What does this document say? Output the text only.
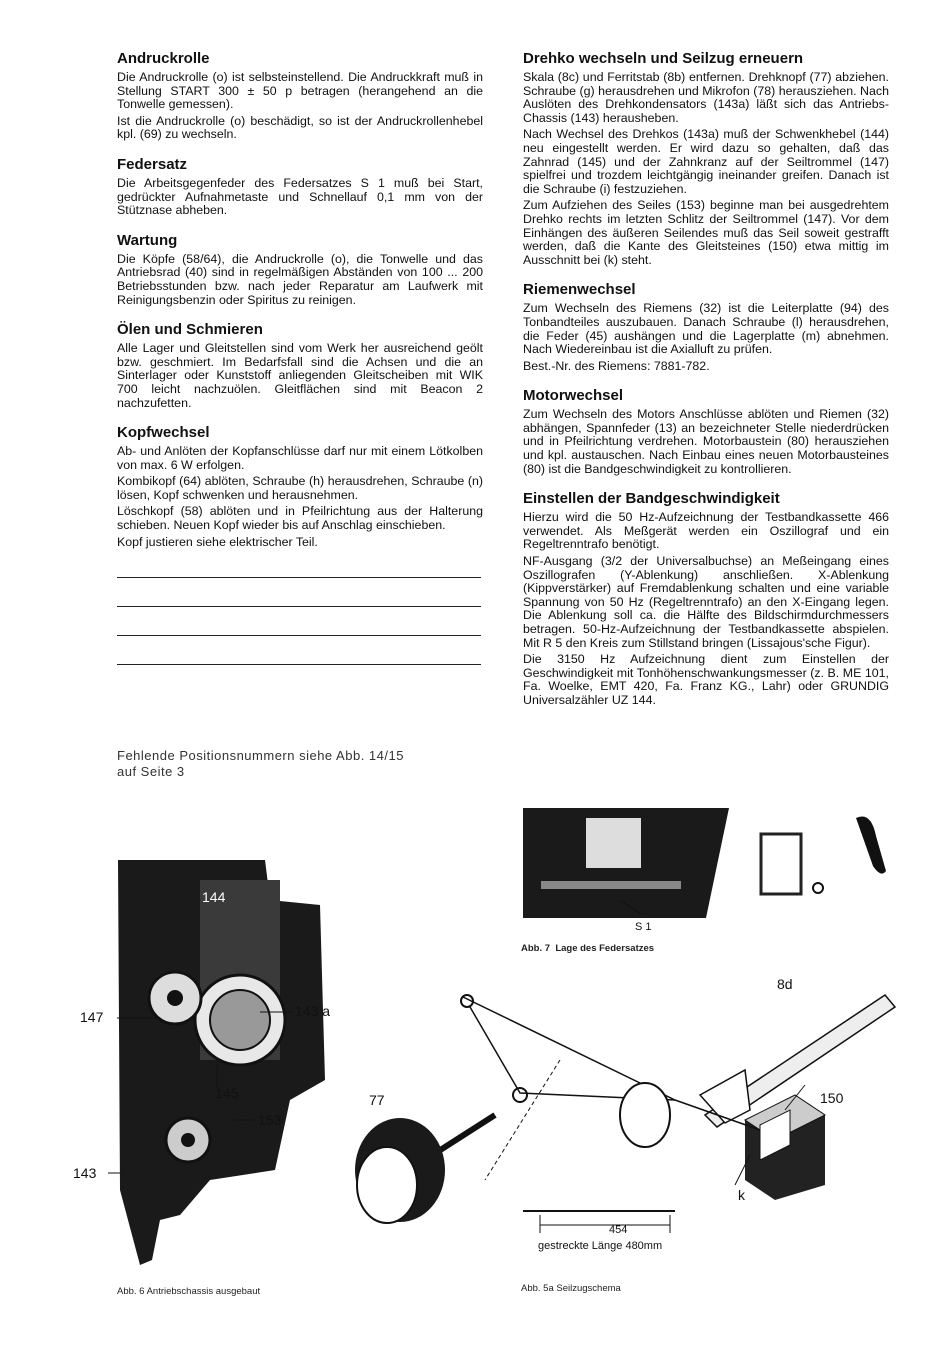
Andruckrolle

Die Andruckrolle (o) ist selbsteinstellend. Die Andruckkraft muß in Stellung START 300 ± 50 p betragen (herangehend an die Tonwelle gemessen).

Ist die Andruckrolle (o) beschädigt, so ist der Andruckrollenhebel kpl. (69) zu wechseln.

Federsatz

Die Arbeitsgegenfeder des Federsatzes S 1 muß bei Start, gedrückter Aufnahmetaste und Schnellauf 0,1 mm von der Stütznase abheben.

Wartung

Die Köpfe (58/64), die Andruckrolle (o), die Tonwelle und das Antriebsrad (40) sind in regelmäßigen Abständen von 100 ... 200 Betriebsstunden bzw. nach jeder Reparatur am Laufwerk mit Reinigungsbenzin oder Spiritus zu reinigen.

Ölen und Schmieren

Alle Lager und Gleitstellen sind vom Werk her ausreichend geölt bzw. geschmiert. Im Bedarfsfall sind die Achsen und die an Sinterlager oder Kunststoff anliegenden Gleitscheiben mit WIK 700 leicht nachzuölen. Gleitflächen sind mit Beacon 2 nachzufetten.

Kopfwechsel

Ab- und Anlöten der Kopfanschlüsse darf nur mit einem Lötkolben von max. 6 W erfolgen.

Kombikopf (64) ablöten, Schraube (h) herausdrehen, Schraube (n) lösen, Kopf schwenken und herausnehmen.

Löschkopf (58) ablöten und in Pfeilrichtung aus der Halterung schieben. Neuen Kopf wieder bis auf Anschlag einschieben.

Kopf justieren siehe elektrischer Teil.

Fehlende Positionsnummern siehe Abb. 14/15
auf Seite 3
Drehko wechseln und Seilzug erneuern

Skala (8c) und Ferritstab (8b) entfernen. Drehknopf (77) abziehen. Schraube (g) herausdrehen und Mikrofon (78) herausziehen. Nach Auslöten des Drehkondensators (143a) läßt sich das Antriebs-Chassis (143) herausheben.

Nach Wechsel des Drehkos (143a) muß der Schwenkhebel (144) neu eingestellt werden. Er wird dazu so gehalten, daß das Zahnrad (145) und der Zahnkranz auf der Seiltrommel (147) spielfrei und trozdem leichtgängig ineinander greifen. Danach ist die Schraube (i) festzuziehen.

Zum Aufziehen des Seiles (153) beginne man bei ausgedrehtem Drehko rechts im letzten Schlitz der Seiltrommel (147). Vor dem Einhängen des äußeren Seilendes muß das Seil soweit gestrafft werden, daß die Kante des Gleitsteines (150) etwa mittig im Ausschnitt bei (k) steht.

Riemenwechsel

Zum Wechseln des Riemens (32) ist die Leiterplatte (94) des Tonbandteiles auszubauen. Danach Schraube (l) herausdrehen, die Feder (45) aushängen und die Lagerplatte (m) abnehmen. Nach Wiedereinbau ist die Axialluft zu prüfen.

Best.-Nr. des Riemens: 7881-782.

Motorwechsel

Zum Wechseln des Motors Anschlüsse ablöten und Riemen (32) abhängen, Spannfeder (13) an bezeichneter Stelle niederdrücken und in Pfeilrichtung verdrehen. Motorbaustein (80) herausziehen und kpl. austauschen. Nach Einbau eines neuen Motorbausteines (80) ist die Bandgeschwindigkeit zu kontrollieren.

Einstellen der Bandgeschwindigkeit

Hierzu wird die 50 Hz-Aufzeichnung der Testbandkassette 466 verwendet. Als Meßgerät werden ein Oszillograf und ein Regeltrenntrafo benötigt.

NF-Ausgang (3/2 der Universalbuchse) an Meßeingang eines Oszillografen (Y-Ablenkung) anschließen. X-Ablenkung (Kippverstärker) auf Fremdablenkung schalten und eine variable Spannung von 50 Hz (Regeltrenntrafo) an den X-Eingang legen. Die Ablenkung soll ca. die Hälfte des Bildschirmdurchmessers betragen. 50-Hz-Aufzeichnung der Testbandkassette abspielen. Mit R 5 den Kreis zum Stillstand bringen (Lissajous'sche Figur).

Die 3150 Hz Aufzeichnung dient zum Einstellen der Geschwindigkeit mit Tonhöhenschwankungsmesser (z. B. ME 101, Fa. Woelke, EMT 420, Fa. Franz KG., Lahr) oder GRUNDIG Universalzähler UZ 144.

144
147	143 a
145
153
143
Abb. 6 Antriebschassis ausgebaut
S 1
Abb. 7 Lage des Federsatzes
8d
150
77
k
454
gestreckte Länge 480mm
Abb. 5a Seilzugschema
